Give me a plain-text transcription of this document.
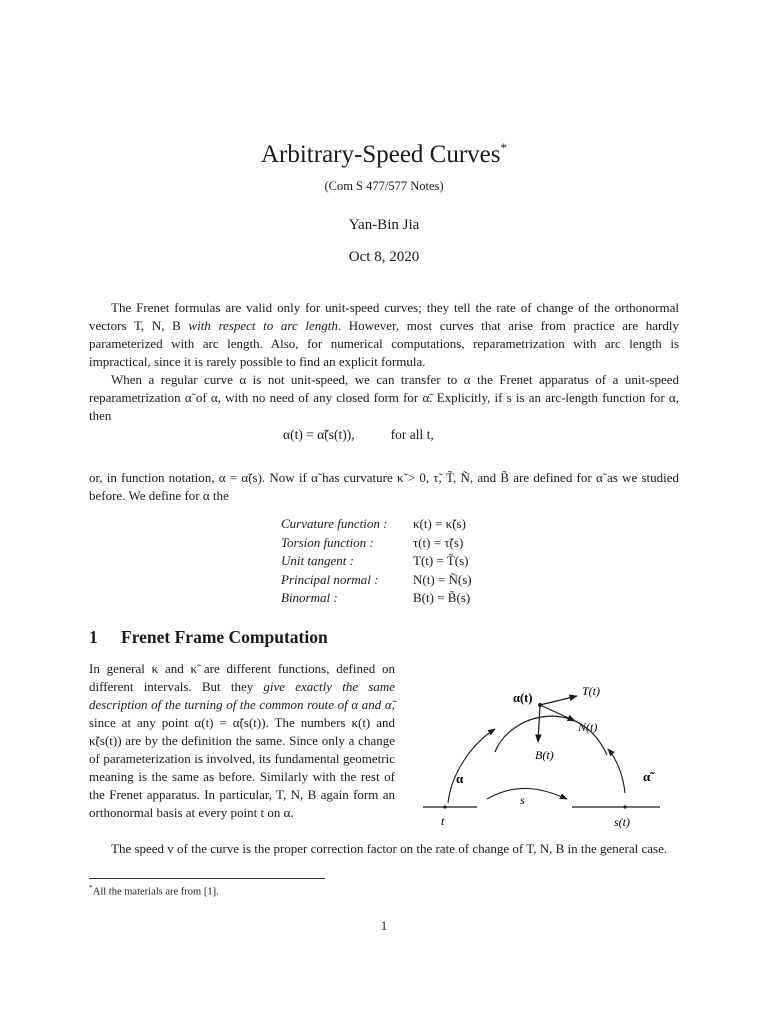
Arbitrary-Speed Curves*
(Com S 477/577 Notes)
Yan-Bin Jia
Oct 8, 2020

The Frenet formulas are valid only for unit-speed curves; they tell the rate of change of the orthonormal vectors T, N, B with respect to arc length. However, most curves that arise from practice are hardly parameterized with arc length. Also, for numerical computations, reparametrization with arc length is impractical, since it is rarely possible to find an explicit formula.

When a regular curve α is not unit-speed, we can transfer to α the Frenet apparatus of a unit-speed reparametrization α̃ of α, with no need of any closed form for α̃. Explicitly, if s is an arc-length function for α, then

α(t) = α̃(s(t)),	for all t,

or, in function notation, α = α̃(s). Now if α̃ has curvature κ̃ > 0, τ̃, T̃, Ñ, and B̃ are defined for α̃ as we studied before. We define for α the

Curvature function : κ(t) = κ̃(s)
Torsion function :	τ(t) = τ̃(s)
Unit tangent :	T(t) = T̃(s)
Principal normal :	N(t) = Ñ(s)
Binormal :	B(t) = B̃(s)
1 Frenet Frame Computation

In general κ and κ̃ are different functions, defined on different intervals. But they give exactly the same description of the turning of the common route of α and α̃, since at any point α(t) = α̃(s(t)). The numbers κ(t) and κ̃(s(t)) are by the definition the same. Since only a change of parameterization is involved, its fundamental geometric meaning is the same as before. Similarly with the rest of the Frenet apparatus. In particular, T, N, B again form an orthonormal basis at every point t on α.

The speed v of the curve is the proper correction factor on the rate of change of T, N, B in the general case.

α(t)	T(t)
N(t)
B(t)
α	α̃
s
t	s(t)
*All the materials are from [1].
1
